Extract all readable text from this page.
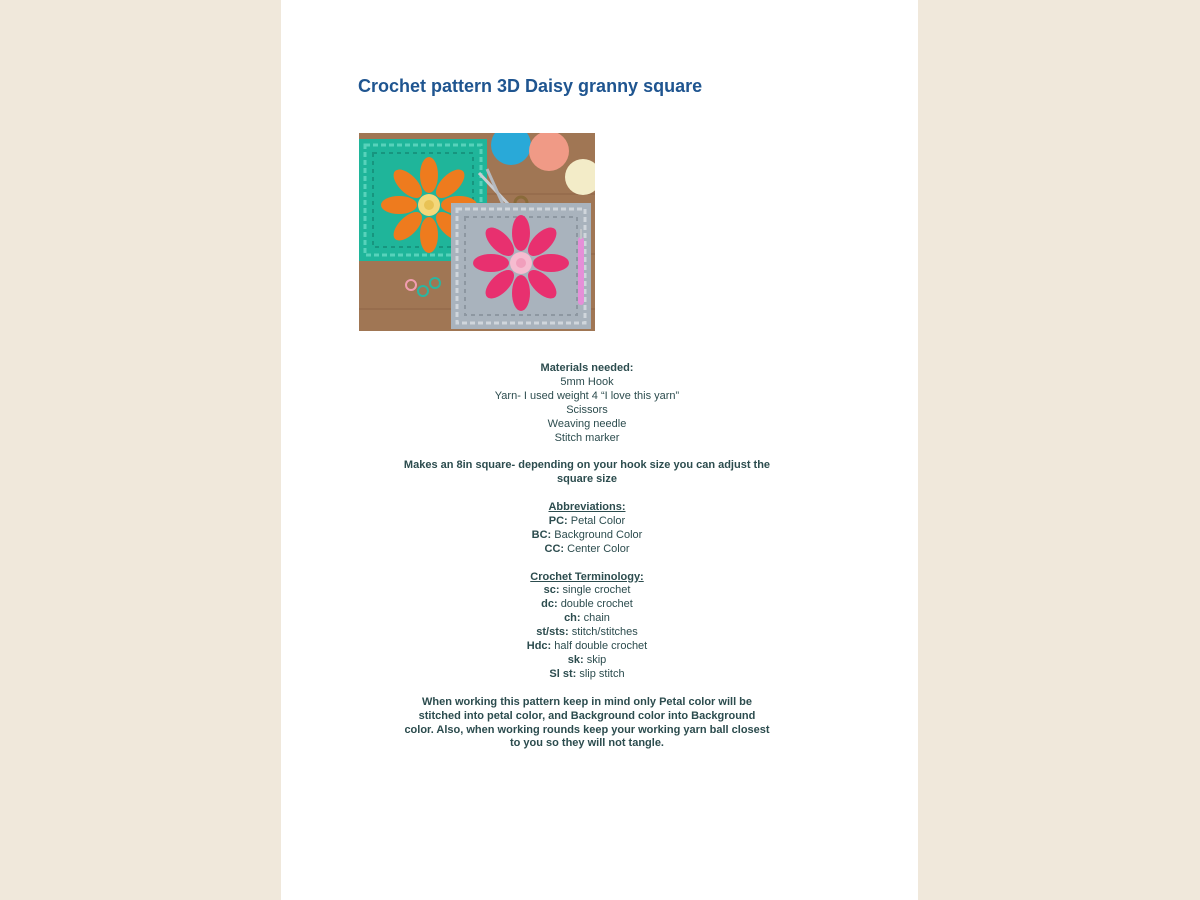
Crochet pattern 3D Daisy granny square
Materials needed:
5mm Hook
Yarn- I used weight 4 “I love this yarn”
Scissors
Weaving needle
Stitch marker
Makes an 8in square- depending on your hook size you can adjust the
square size
Abbreviations:
PC: Petal Color
BC: Background Color
CC: Center Color
Crochet Terminology:
sc: single crochet
dc: double crochet
ch: chain
st/sts: stitch/stitches
Hdc: half double crochet
sk: skip
Sl st: slip stitch
When working this pattern keep in mind only Petal color will be
stitched into petal color, and Background color into Background
color. Also, when working rounds keep your working yarn ball closest
to you so they will not tangle.
